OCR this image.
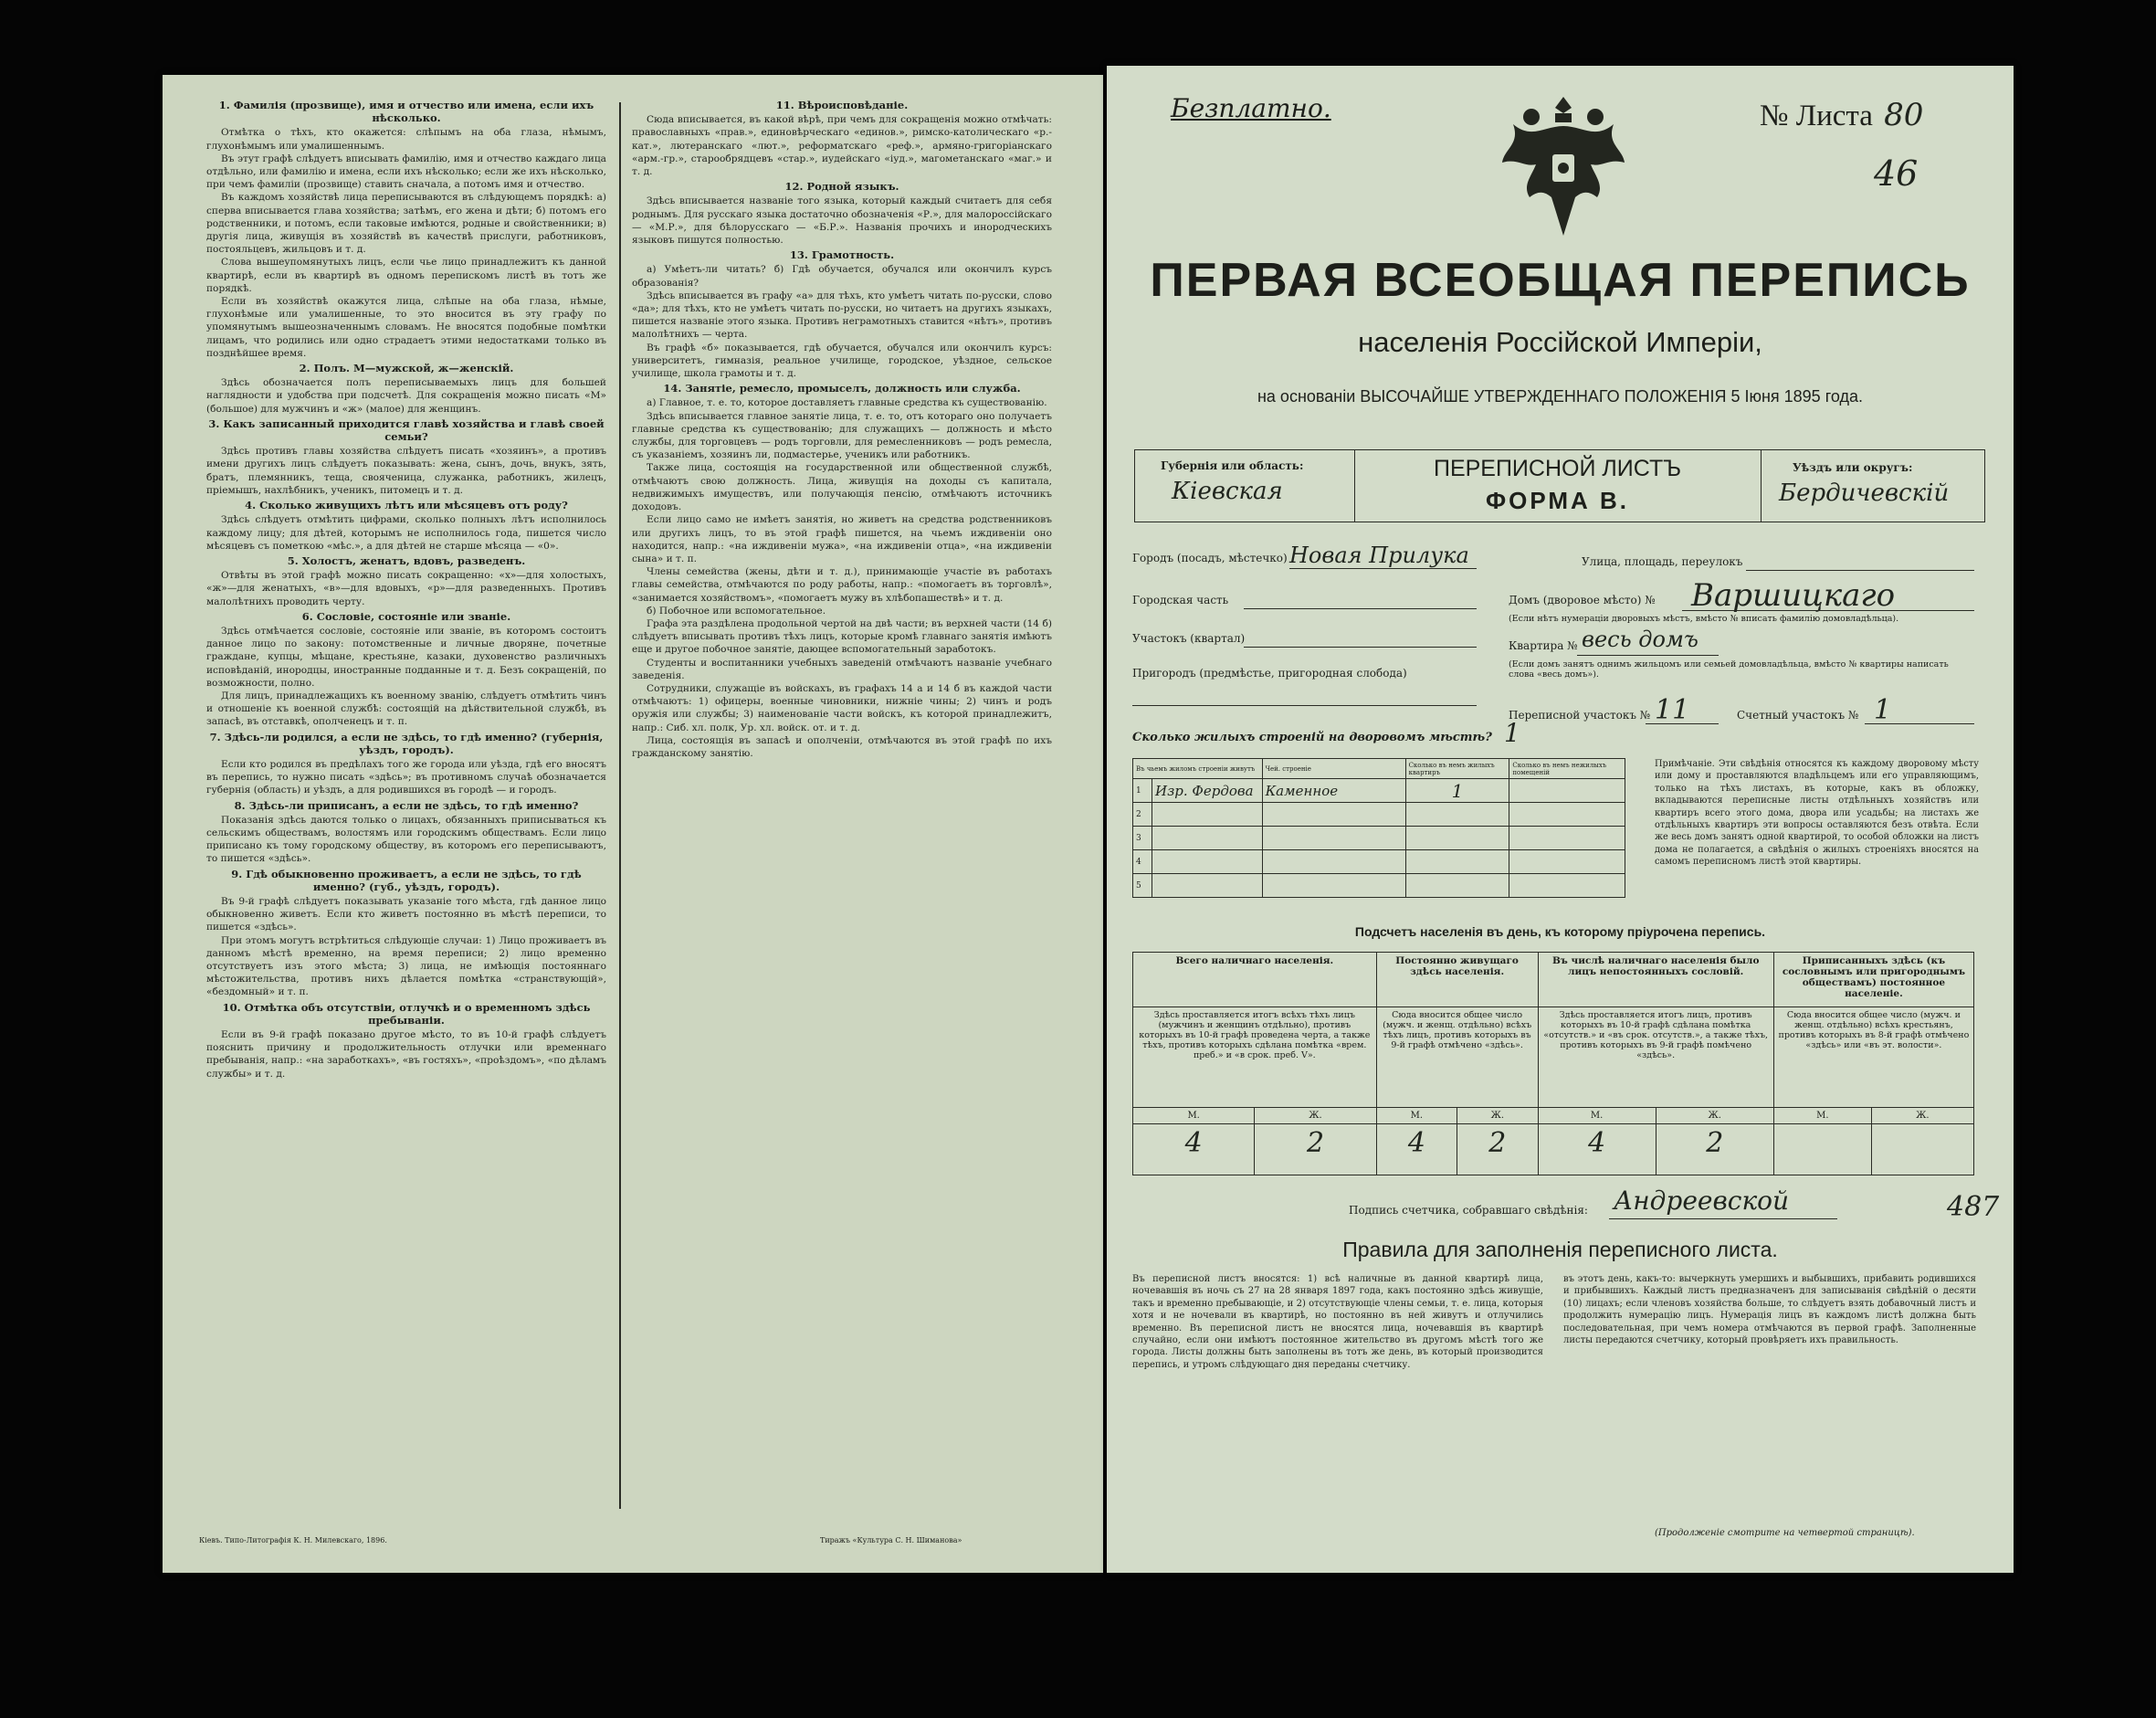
1. Фамилія (прозвище), имя и отчество или имена, если ихъ нѣсколько.

Отмѣтка о тѣхъ, кто окажется: слѣпымъ на оба глаза, нѣмымъ, глухонѣмымъ или умалишеннымъ.

Въ этут графѣ слѣдуетъ вписывать фамилію, имя и отчество каждаго лица отдѣльно, или фамилію и имена, если ихъ нѣсколько; если же ихъ нѣсколько, при чемъ фамиліи (прозвище) ставить сначала, а потомъ имя и отчество.

Въ каждомъ хозяйствѣ лица переписываются въ слѣдующемъ порядкѣ: а) сперва вписывается глава хозяйства; затѣмъ, его жена и дѣти; б) потомъ его родственники, и потомъ, если таковые имѣются, родные и свойственники; в) другія лица, живущія въ хозяйствѣ въ качествѣ прислуги, работниковъ, постояльцевъ, жильцовъ и т. д.

Слова вышеупомянутыхъ лицъ, если чье лицо принадлежитъ къ данной квартирѣ, если въ квартирѣ въ одномъ перепискомъ листѣ въ тотъ же порядкѣ.

Если въ хозяйствѣ окажутся лица, слѣпые на оба глаза, нѣмые, глухонѣмые или умалишенные, то это вносится въ эту графу по упомянутымъ вышеозначеннымъ словамъ. Не вносятся подобные помѣтки лицамъ, что родились или одно страдаетъ этими недостатками только въ позднѣйшее время.

2. Полъ. М—мужской, ж—женскій.

Здѣсь обозначается полъ переписываемыхъ лицъ для большей наглядности и удобства при подсчетѣ. Для сокращенія можно писать «М» (большое) для мужчинъ и «ж» (малое) для женщинъ.

3. Какъ записанный приходится главѣ хозяйства и главѣ своей семьи?

Здѣсь противъ главы хозяйства слѣдуетъ писать «хозяинъ», а противъ имени другихъ лицъ слѣдуетъ показывать: жена, сынъ, дочь, внукъ, зять, братъ, племянникъ, теща, свояченица, служанка, работникъ, жилецъ, пріемышъ, нахлѣбникъ, ученикъ, питомецъ и т. д.

4. Сколько живущихъ лѣтъ или мѣсяцевъ отъ роду?

Здѣсь слѣдуетъ отмѣтить цифрами, сколько полныхъ лѣтъ исполнилось каждому лицу; для дѣтей, которымъ не исполнилось года, пишется число мѣсяцевъ съ пометкою «мѣс.», а для дѣтей не старше мѣсяца — «0».

5. Холостъ, женатъ, вдовъ, разведенъ.

Отвѣты въ этой графѣ можно писать сокращенно: «х»—для холостыхъ, «ж»—для женатыхъ, «в»—для вдовыхъ, «р»—для разведенныхъ. Противъ малолѣтнихъ проводить черту.

6. Сословіе, состояніе или званіе.

Здѣсь отмѣчается сословіе, состояніе или званіе, въ которомъ состоитъ данное лицо по закону: потомственные и личные дворяне, почетные граждане, купцы, мѣщане, крестьяне, казаки, духовенство различныхъ исповѣданій, инородцы, иностранные подданные и т. д. Безъ сокращеній, по возможности, полно.

Для лицъ, принадлежащихъ къ военному званію, слѣдуетъ отмѣтить чинъ и отношеніе къ военной службѣ: состоящій на дѣйствительной службѣ, въ запасѣ, въ отставкѣ, ополченецъ и т. п.

7. Здѣсь-ли родился, а если не здѣсь, то гдѣ именно? (губернія, уѣздъ, городъ).

Если кто родился въ предѣлахъ того же города или уѣзда, гдѣ его вносятъ въ перепись, то нужно писать «здѣсь»; въ противномъ случаѣ обозначается губернія (область) и уѣздъ, а для родившихся въ городѣ — и городъ.

8. Здѣсь-ли приписанъ, а если не здѣсь, то гдѣ именно?

Показанія здѣсь даются только о лицахъ, обязанныхъ приписываться къ сельскимъ обществамъ, волостямъ или городскимъ обществамъ. Если лицо приписано къ тому городскому обществу, въ которомъ его переписываютъ, то пишется «здѣсь».

9. Гдѣ обыкновенно проживаетъ, а если не здѣсь, то гдѣ именно? (губ., уѣздъ, городъ).

Въ 9-й графѣ слѣдуетъ показывать указаніе того мѣста, гдѣ данное лицо обыкновенно живетъ. Если кто живетъ постоянно въ мѣстѣ переписи, то пишется «здѣсь».

При этомъ могутъ встрѣтиться слѣдующіе случаи: 1) Лицо проживаетъ въ данномъ мѣстѣ временно, на время переписи; 2) лицо временно отсутствуетъ изъ этого мѣста; 3) лица, не имѣющія постояннаго мѣстожительства, противъ нихъ дѣлается помѣтка «странствующій», «бездомный» и т. п.

10. Отмѣтка объ отсутствіи, отлучкѣ и о временномъ здѣсь пребываніи.

Если въ 9-й графѣ показано другое мѣсто, то въ 10-й графѣ слѣдуетъ пояснить причину и продолжительность отлучки или временнаго пребыванія, напр.: «на заработкахъ», «въ гостяхъ», «проѣздомъ», «по дѣламъ службы» и т. д.

11. Вѣроисповѣданіе.

Сюда вписывается, въ какой вѣрѣ, при чемъ для сокращенія можно отмѣчать: православныхъ «прав.», единовѣрческаго «единов.», римско-католическаго «р.-кат.», лютеранскаго «лют.», реформатскаго «реф.», армяно-григоріанскаго «арм.-гр.», старообрядцевъ «стар.», иудейскаго «іуд.», магометанскаго «маг.» и т. д.

12. Родной языкъ.

Здѣсь вписывается названіе того языка, который каждый считаетъ для себя роднымъ. Для русскаго языка достаточно обозначенія «Р.», для малороссійскаго — «М.Р.», для бѣлорусскаго — «Б.Р.». Названія прочихъ и инородческихъ языковъ пишутся полностью.

13. Грамотность.

а) Умѣетъ-ли читать? б) Гдѣ обучается, обучался или окончилъ курсъ образованія?

Здѣсь вписывается въ графу «а» для тѣхъ, кто умѣетъ читать по-русски, слово «да»; для тѣхъ, кто не умѣетъ читать по-русски, но читаетъ на другихъ языкахъ, пишется названіе этого языка. Противъ неграмотныхъ ставится «нѣтъ», противъ малолѣтнихъ — черта.

Въ графѣ «б» показывается, гдѣ обучается, обучался или окончилъ курсъ: университетъ, гимназія, реальное училище, городское, уѣздное, сельское училище, школа грамоты и т. д.

14. Занятіе, ремесло, промыселъ, должность или служба.

а) Главное, т. е. то, которое доставляетъ главные средства къ существованію.

Здѣсь вписывается главное занятіе лица, т. е. то, отъ котораго оно получаетъ главные средства къ существованію; для служащихъ — должность и мѣсто службы, для торговцевъ — родъ торговли, для ремесленниковъ — родъ ремесла, съ указаніемъ, хозяинъ ли, подмастерье, ученикъ или работникъ.

Также лица, состоящія на государственной или общественной службѣ, отмѣчаютъ свою должность. Лица, живущія на доходы съ капитала, недвижимыхъ имуществъ, или получающія пенсію, отмѣчаютъ источникъ доходовъ.

Если лицо само не имѣетъ занятія, но живетъ на средства родственниковъ или другихъ лицъ, то въ этой графѣ пишется, на чьемъ иждивеніи оно находится, напр.: «на иждивеніи мужа», «на иждивеніи отца», «на иждивеніи сына» и т. п.

Члены семейства (жены, дѣти и т. д.), принимающіе участіе въ работахъ главы семейства, отмѣчаются по роду работы, напр.: «помогаетъ въ торговлѣ», «занимается хозяйствомъ», «помогаетъ мужу въ хлѣбопашествѣ» и т. д.

б) Побочное или вспомогательное.

Графа эта раздѣлена продольной чертой на двѣ части; въ верхней части (14 б) слѣдуетъ вписывать противъ тѣхъ лицъ, которые кромѣ главнаго занятія имѣютъ еще и другое побочное занятіе, дающее вспомогательный заработокъ.

Студенты и воспитанники учебныхъ заведеній отмѣчаютъ названіе учебнаго заведенія.

Сотрудники, служащіе въ войскахъ, въ графахъ 14 а и 14 б въ каждой части отмѣчаютъ: 1) офицеры, военные чиновники, нижніе чины; 2) чинъ и родъ оружія или службы; 3) наименованіе части войскъ, къ которой принадлежитъ, напр.: Сиб. хл. полк, Ур. хл. войск. от. и т. д.

Лица, состоящія въ запасѣ и ополченіи, отмѣчаются въ этой графѣ по ихъ гражданскому занятію.

Кіевъ. Типо-Литографія К. Н. Милевскаго, 1896.	Тиражъ «Культура С. Н. Шиманова»
Безплатно.	№ Листа 80
46
ПЕРВАЯ ВСЕОБЩАЯ ПЕРЕПИСЬ
населенія Россійской Имперіи,
на основаніи ВЫСОЧАЙШЕ УТВЕРЖДЕННАГО ПОЛОЖЕНІЯ 5 Іюня 1895 года.
Губернія или область:
Кіевская
ПЕРЕПИСНОЙ ЛИСТЪ
ФОРМА В.
Уѣздъ или округъ:
Бердичевскій
Городъ (посадъ, мѣстечко) Новая Прилука	Улица, площадь, переулокъ
Городская часть	Домъ (дворовое мѣсто) № Варшицкаго
(Если нѣтъ нумераціи дворовыхъ мѣстъ, вмѣсто № вписать фамилію домовладѣльца).
Участокъ (квартал)
Квартира № весь домъ
(Если домъ занятъ однимъ жильцомъ или семьей домовладѣльца, вмѣсто № квартиры написать слова «весь домъ»).
Пригородъ (предмѣстье, пригородная слобода)
Переписной участокъ № 11	Счетный участокъ № 1
Сколько жилыхъ строеній на дворовомъ мѣстѣ? 1
Въ чьемъ жиломъ строеніи живутъ		Чей. строеніе	Сколько въ немъ жилыхъ квартиръ	Сколько въ немъ нежилыхъ помещеній
1	Изр. Фердова	Каменное	1	
2				
3				
4				
5				
Примѣчаніе. Эти свѣдѣнія относятся къ каждому дворовому мѣсту или дому и проставляются владѣльцемъ или его управляющимъ, только на тѣхъ листахъ, въ которые, какъ въ обложку, вкладываются переписные листы отдѣльныхъ хозяйствъ или квартиръ всего этого дома, двора или усадьбы; на листахъ же отдѣльныхъ квартиръ эти вопросы оставляются безъ отвѣта. Если же весь домъ занятъ одной квартирой, то особой обложки на листъ дома не полагается, а свѣдѣнія о жилыхъ строеніяхъ вносятся на самомъ переписномъ листѣ этой квартиры.
Подсчетъ населенія въ день, къ которому пріурочена перепись.
Всего наличнаго населенія.		Постоянно живущаго здѣсь населенія.		Въ числѣ наличнаго населенія было лицъ непостоянныхъ сословій.		Приписанныхъ здѣсь (къ сословнымъ или пригороднымъ обществамъ) постоянное населеніе.	
Здѣсь проставляется итогъ всѣхъ тѣхъ лицъ (мужчинъ и женщинъ отдѣльно), противъ которыхъ въ 10-й графѣ проведена черта, а также тѣхъ, противъ которыхъ сдѣлана помѣтка «врем. преб.» и «в срок. преб. V».		Сюда вносится общее число (мужч. и женщ. отдѣльно) всѣхъ тѣхъ лицъ, противъ которыхъ въ 9-й графѣ отмѣчено «здѣсь».		Здѣсь проставляется итогъ лицъ, противъ которыхъ въ 10-й графѣ сдѣлана помѣтка «отсутств.» и «въ срок. отсутств.», а также тѣхъ, противъ которыхъ въ 9-й графѣ помѣчено «здѣсь».		Сюда вносится общее число (мужч. и женщ. отдѣльно) всѣхъ крестьянъ, противъ которыхъ въ 8-й графѣ отмѣчено «здѣсь» или «въ эт. волости».	
М.	Ж.	М.	Ж.	М.	Ж.	М.	Ж.
4	2	4	2	4	2		
Подпись счетчика, собравшаго свѣдѣнія: Андреевской	487
Правила для заполненія переписного листа.
Въ переписной листъ вносятся: 1) всѣ наличные въ данной квартирѣ лица, ночевавшія въ ночь съ 27 на 28 января 1897 года, какъ постоянно здѣсь живущіе, такъ и временно пребывающіе, и 2) отсутствующіе члены семьи, т. е. лица, которыя хотя и не ночевали въ квартирѣ, но постоянно въ ней живутъ и отлучились временно. Въ переписной листъ не вносятся лица, ночевавшія въ квартирѣ случайно, если они имѣютъ постоянное жительство въ другомъ мѣстѣ того же города. Листы должны быть заполнены въ тотъ же день, въ который производится перепись, и утромъ слѣдующаго дня переданы счетчику.
въ этотъ день, какъ-то: вычеркнуть умершихъ и выбывшихъ, прибавить родившихся и прибывшихъ. Каждый листъ предназначенъ для записыванія свѣдѣній о десяти (10) лицахъ; если членовъ хозяйства больше, то слѣдуетъ взять добавочный листъ и продолжить нумерацію лицъ. Нумерація лицъ въ каждомъ листѣ должна быть последовательная, при чемъ номера отмѣчаются въ первой графѣ. Заполненные листы передаются счетчику, который провѣряетъ ихъ правильность.
(Продолженіе смотрите на четвертой страницѣ).
